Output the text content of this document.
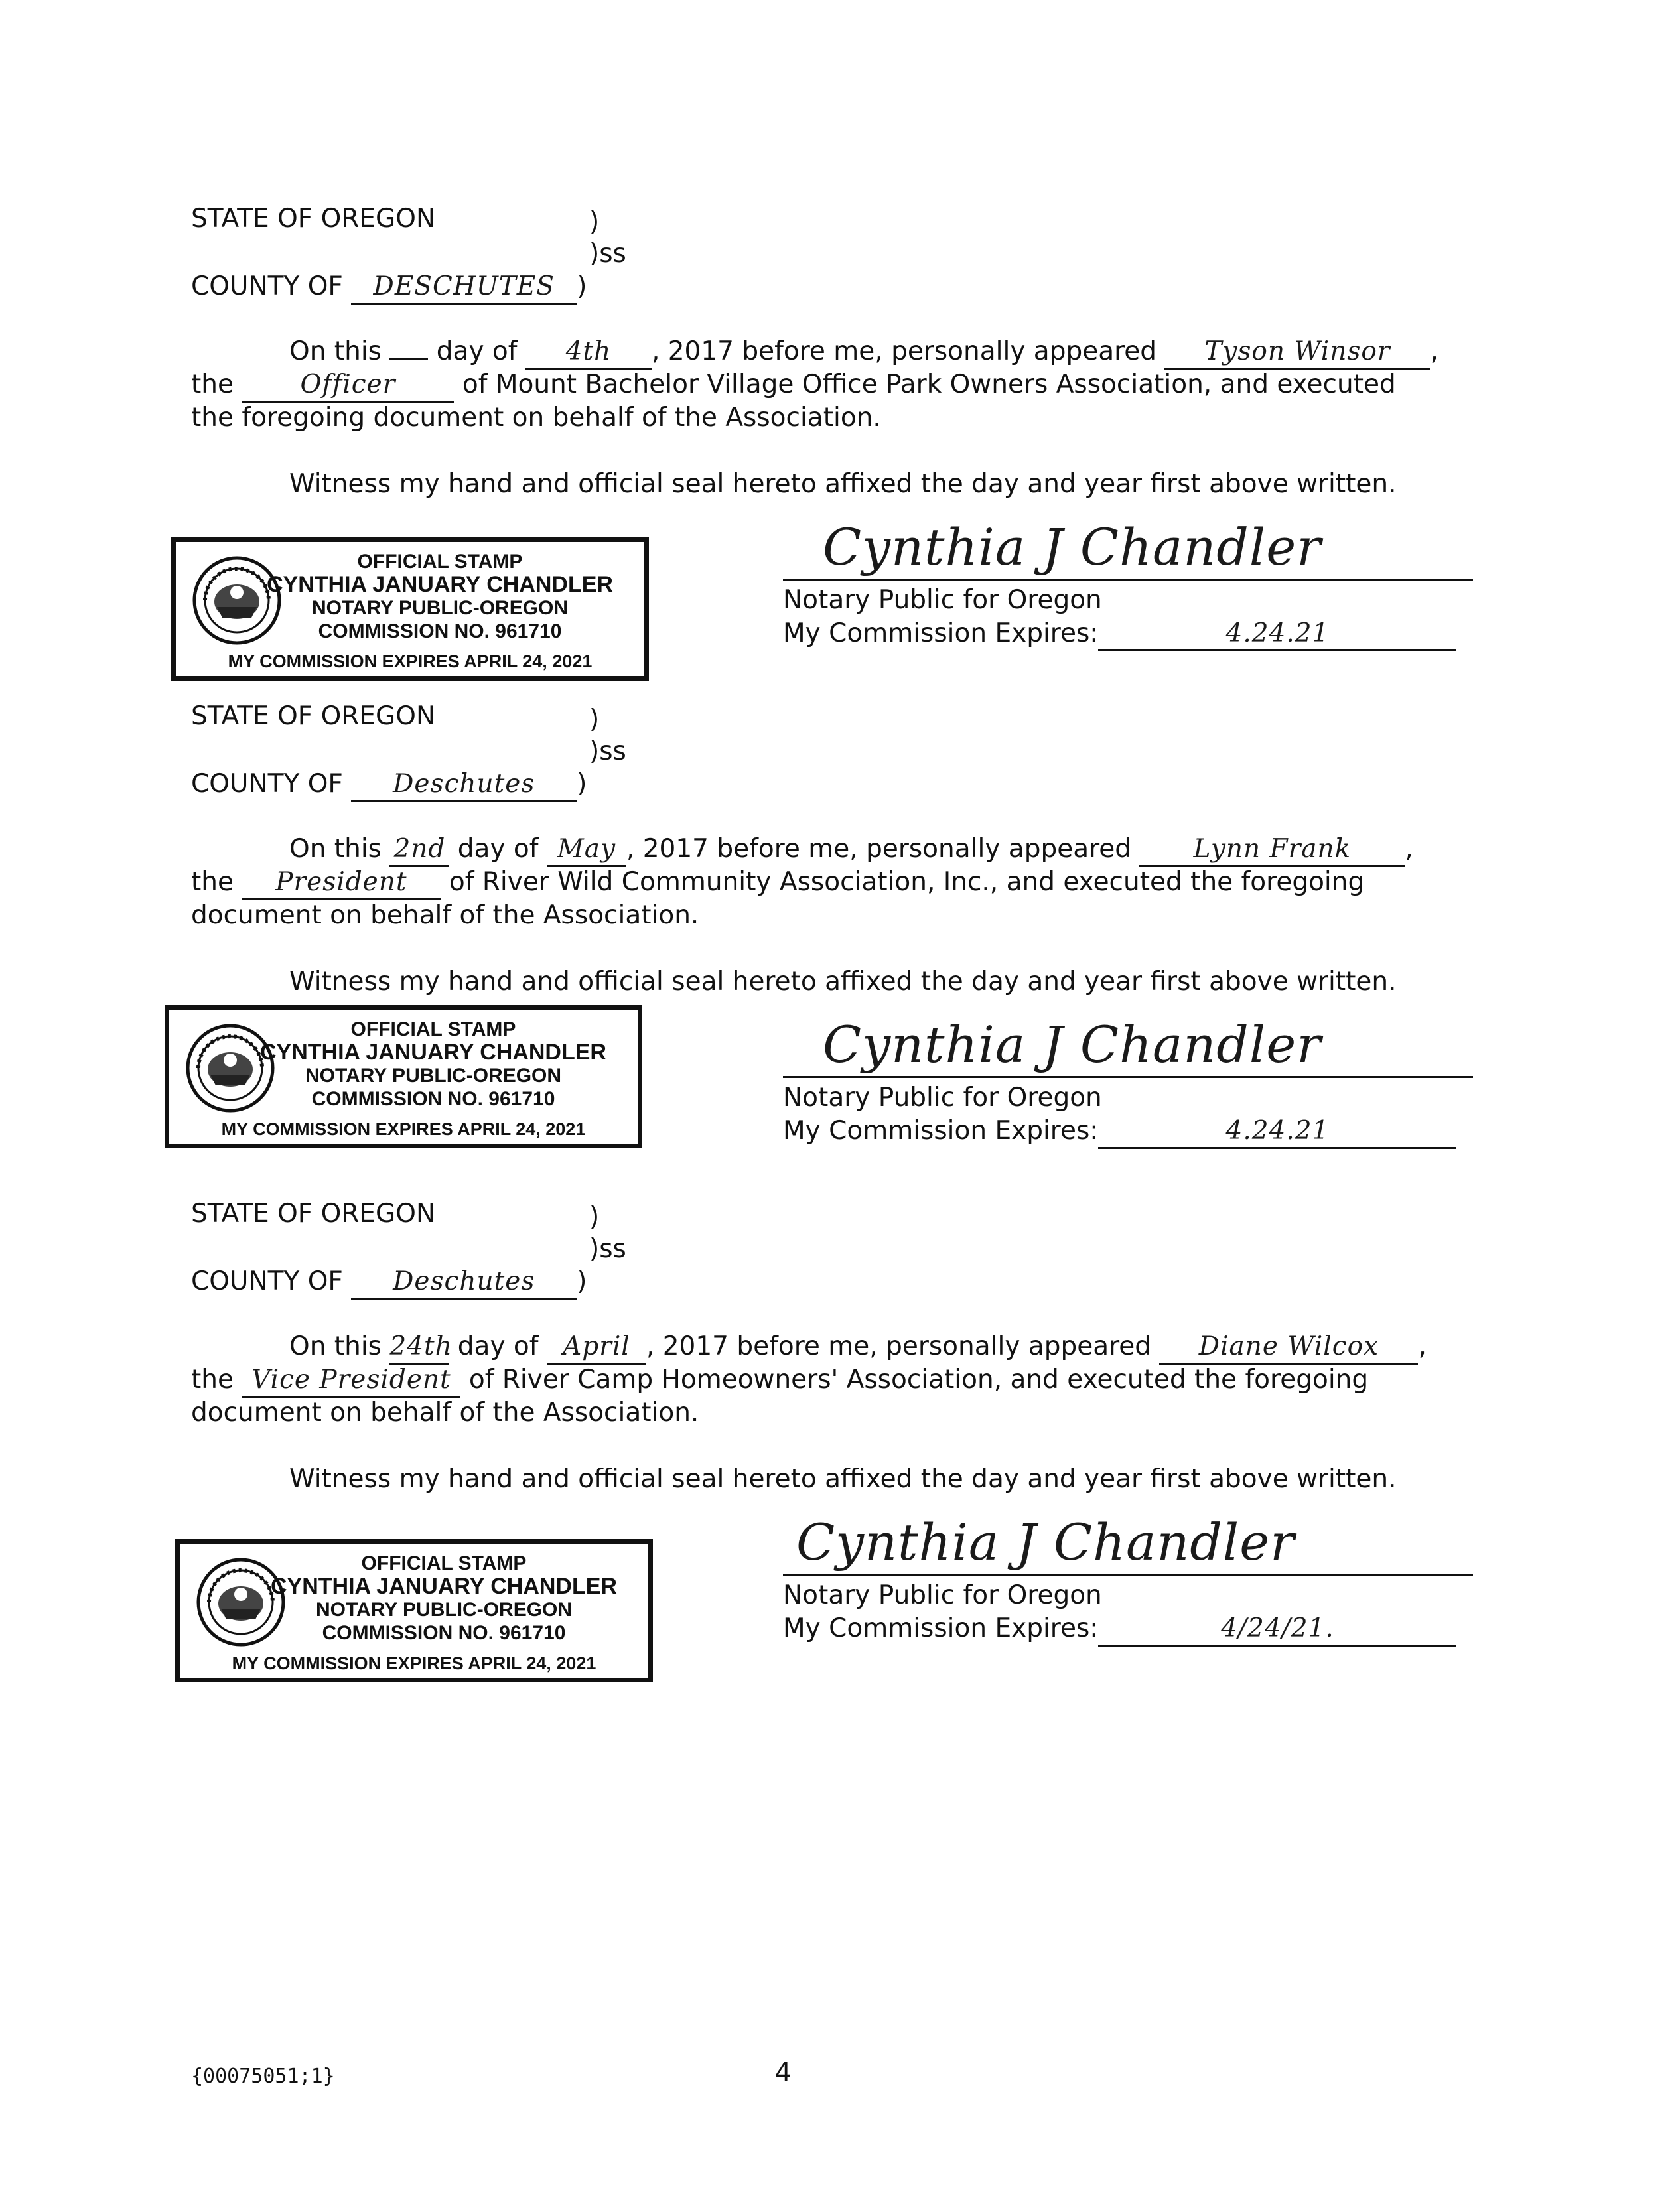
STATE OF OREGON	)
)ss
COUNTY OF DESCHUTES )
On this day of 4th , 2017 before me, personally appeared Tyson Winsor ,
the	Officer	of Mount Bachelor Village Office Park Owners Association, and executed
the foregoing document on behalf of the Association.
Witness my hand and official seal hereto affixed the day and year first above written.
OFFICIAL STAMP
CYNTHIA JANUARY CHANDLER
NOTARY PUBLIC-OREGON
COMMISSION NO. 961710
MY COMMISSION EXPIRES APRIL 24, 2021
Cynthia J Chandler
Notary Public for Oregon
My Commission Expires:	4.24.21
STATE OF OREGON	)
)ss
COUNTY OF Deschutes )
On this 2nd day of May , 2017 before me, personally appeared Lynn Frank ,
the President of River Wild Community Association, Inc., and executed the foregoing
document on behalf of the Association.
Witness my hand and official seal hereto affixed the day and year first above written.
OFFICIAL STAMP
CYNTHIA JANUARY CHANDLER
NOTARY PUBLIC-OREGON
COMMISSION NO. 961710
MY COMMISSION EXPIRES APRIL 24, 2021
Cynthia J Chandler
Notary Public for Oregon
My Commission Expires:	4.24.21
STATE OF OREGON	)
)ss
COUNTY OF Deschutes )
On this 24th day of April , 2017 before me, personally appeared Diane Wilcox ,
the Vice President of River Camp Homeowners' Association, and executed the foregoing
document on behalf of the Association.
Witness my hand and official seal hereto affixed the day and year first above written.
OFFICIAL STAMP
CYNTHIA JANUARY CHANDLER
NOTARY PUBLIC-OREGON
COMMISSION NO. 961710
MY COMMISSION EXPIRES APRIL 24, 2021
Cynthia J Chandler
Notary Public for Oregon
My Commission Expires:	4/24/21.
{00075051;1}	4
